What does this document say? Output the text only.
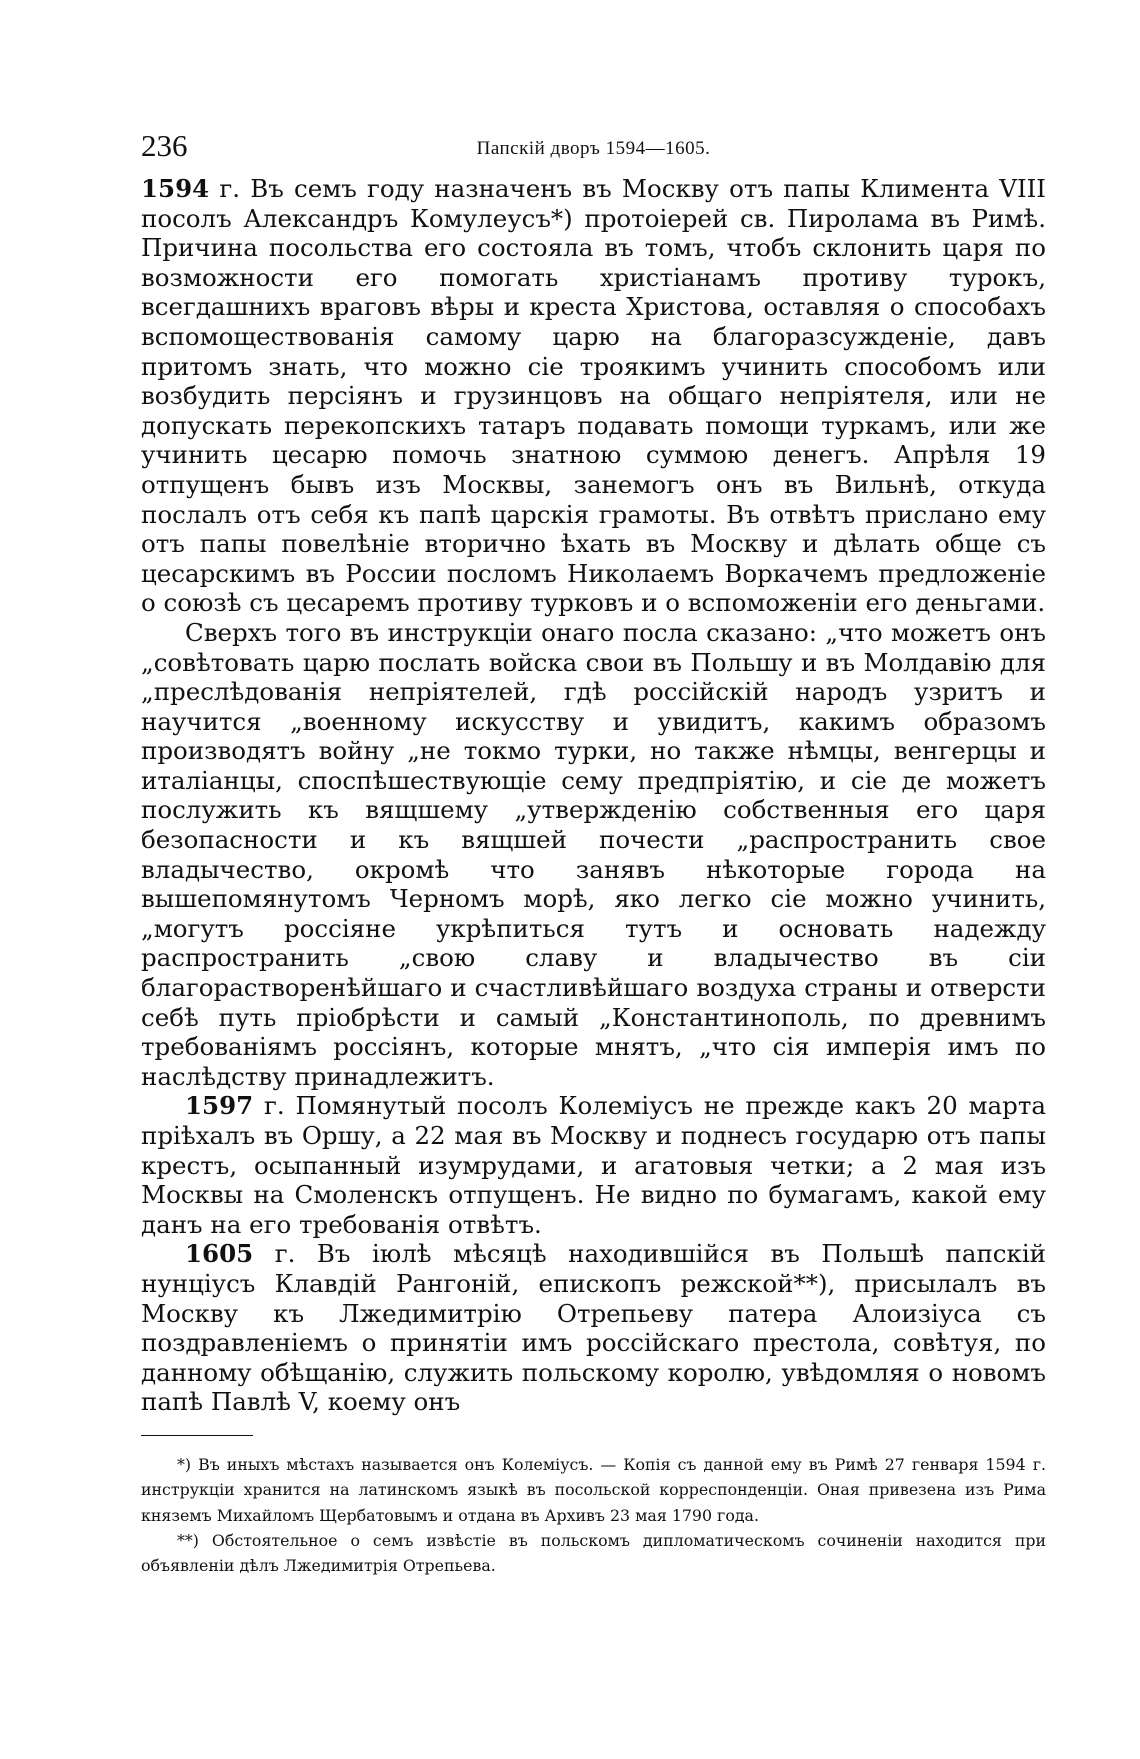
236	Папскій дворъ 1594—1605.

1594 г. Въ семъ году назначенъ въ Москву отъ папы Климента VIII посолъ Александръ Комулеусъ*) протоіерей св. Пиролама въ Римѣ. Причина посольства его состояла въ томъ, чтобъ склонить царя по возможности его помогать христіанамъ противу турокъ, всегдашнихъ враговъ вѣры и креста Христова, оставляя о способахъ вспомоществованія самому царю на благоразсужденіе, давъ притомъ знать, что можно сіе троякимъ учинить способомъ или возбудить персіянъ и грузинцовъ на общаго непріятеля, или не допускать перекопскихъ татаръ подавать помощи туркамъ, или же учинить цесарю помочь знатною суммою денегъ. Апрѣля 19 отпущенъ бывъ изъ Москвы, занемогъ онъ въ Вильнѣ, откуда послалъ отъ себя къ папѣ царскія грамоты. Въ отвѣтъ прислано ему отъ папы повелѣніе вторично ѣхать въ Москву и дѣлать обще съ цесарскимъ въ России посломъ Николаемъ Воркачемъ предложеніе о союзѣ съ цесаремъ противу турковъ и о вспоможеніи его деньгами.

Сверхъ того въ инструкціи онаго посла сказано: „что можетъ онъ „совѣтовать царю послать войска свои въ Польшу и въ Молдавію для „преслѣдованія непріятелей, гдѣ россійскій народъ узритъ и научится „военному искусству и увидитъ, какимъ образомъ производятъ войну „не токмо турки, но также нѣмцы, венгерцы и италіанцы, споспѣшествующіе сему предпріятію, и сіе де можетъ послужить къ вящшему „утвержденію собственныя его царя безопасности и къ вящшей почести „распространить свое владычество, окромѣ что занявъ нѣкоторые города на вышепомянутомъ Черномъ морѣ, яко легко сіе можно учинить, „могутъ россіяне укрѣпиться тутъ и основать надежду распространить „свою славу и владычество въ сіи благорастворенѣйшаго и счастливѣйшаго воздуха страны и отверсти себѣ путь пріобрѣсти и самый „Константинополь, по древнимъ требованіямъ россіянъ, которые мнятъ, „что сія имперія имъ по наслѣдству принадлежитъ.

1597 г. Помянутый посолъ Колеміусъ не прежде какъ 20 марта пріѣхалъ въ Оршу, а 22 мая въ Москву и поднесъ государю отъ папы крестъ, осыпанный изумрудами, и агатовыя четки; а 2 мая изъ Москвы на Смоленскъ отпущенъ. Не видно по бумагамъ, какой ему данъ на его требованія отвѣтъ.

1605 г. Въ іюлѣ мѣсяцѣ находившійся въ Польшѣ папскій нунціусъ Клавдій Рангоній, епископъ режской**), присылалъ въ Москву къ Лжедимитрію Отрепьеву патера Алоизіуса съ поздравленіемъ о принятіи имъ россійскаго престола, совѣтуя, по данному обѣщанію, служить польскому королю, увѣдомляя о новомъ папѣ Павлѣ V, коему онъ

*) Въ иныхъ мѣстахъ называется онъ Колеміусъ. — Копія съ данной ему въ Римѣ 27 генваря 1594 г. инструкціи хранится на латинскомъ языкѣ въ посольской корреспонденціи. Оная привезена изъ Рима княземъ Михайломъ Щербатовымъ и отдана въ Архивъ 23 мая 1790 года.

**) Обстоятельное о семъ извѣстіе въ польскомъ дипломатическомъ сочиненіи находится при объявленіи дѣлъ Лжедимитрія Отрепьева.
